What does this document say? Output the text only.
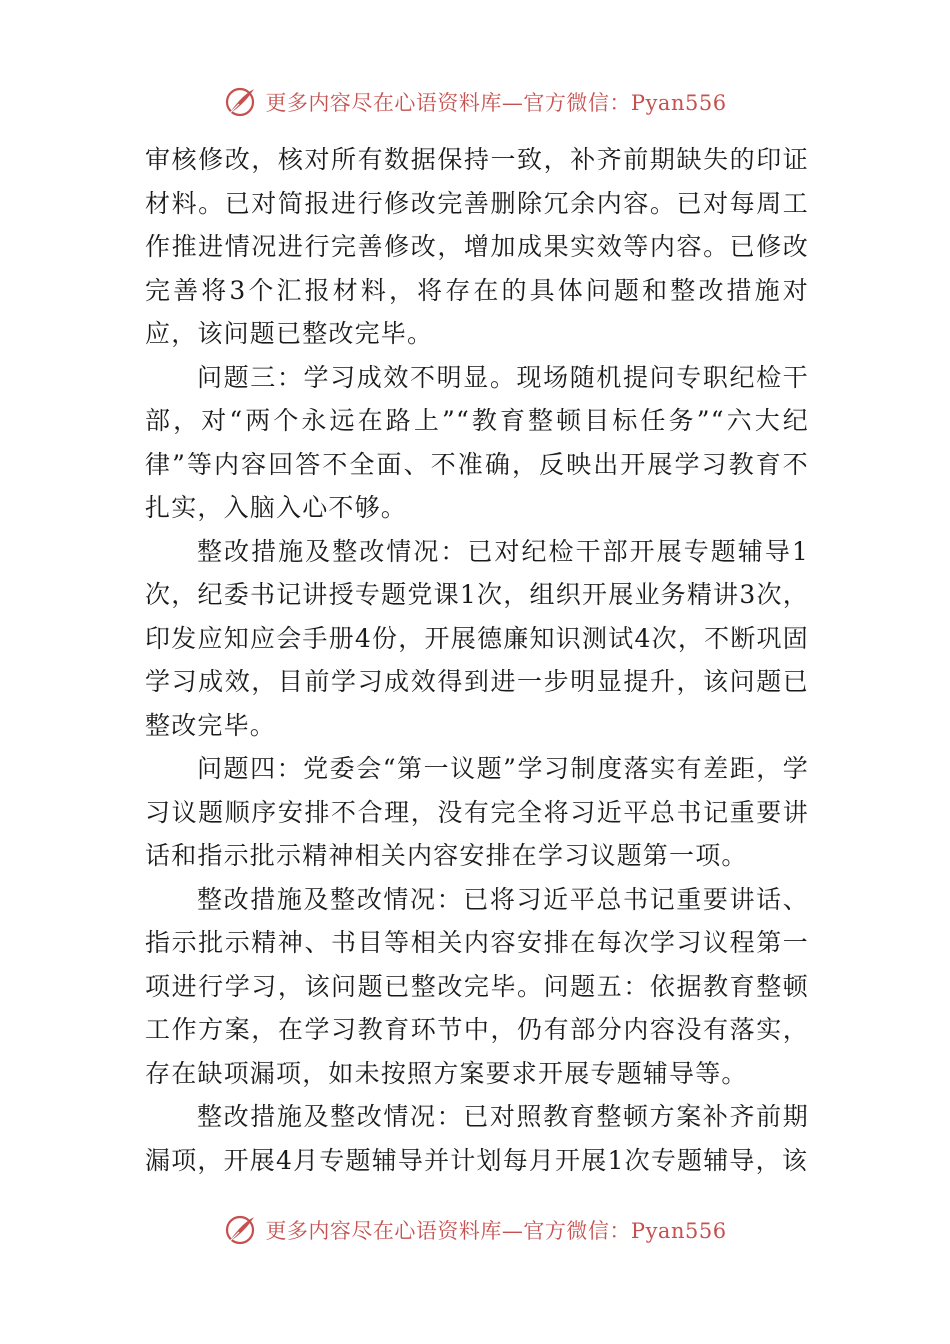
更多内容尽在心语资料库—官方微信：Pyan556

审核修改，核对所有数据保持一致，补齐前期缺失的印证材料。已对简报进行修改完善删除冗余内容。已对每周工作推进情况进行完善修改，增加成果实效等内容。已修改完善将3个汇报材料，将存在的具体问题和整改措施对应，该问题已整改完毕。

问题三：学习成效不明显。现场随机提问专职纪检干部，对“两个永远在路上”“教育整顿目标任务”“六大纪律”等内容回答不全面、不准确，反映出开展学习教育不扎实，入脑入心不够。

整改措施及整改情况：已对纪检干部开展专题辅导1次，纪委书记讲授专题党课1次，组织开展业务精讲3次，印发应知应会手册4份，开展德廉知识测试4次，不断巩固学习成效，目前学习成效得到进一步明显提升，该问题已整改完毕。

问题四：党委会“第一议题”学习制度落实有差距，学习议题顺序安排不合理，没有完全将习近平总书记重要讲话和指示批示精神相关内容安排在学习议题第一项。

整改措施及整改情况：已将习近平总书记重要讲话、指示批示精神、书目等相关内容安排在每次学习议程第一项进行学习，该问题已整改完毕。问题五：依据教育整顿工作方案，在学习教育环节中，仍有部分内容没有落实，存在缺项漏项，如未按照方案要求开展专题辅导等。

整改措施及整改情况：已对照教育整顿方案补齐前期漏项，开展4月专题辅导并计划每月开展1次专题辅导，该

更多内容尽在心语资料库—官方微信：Pyan556
